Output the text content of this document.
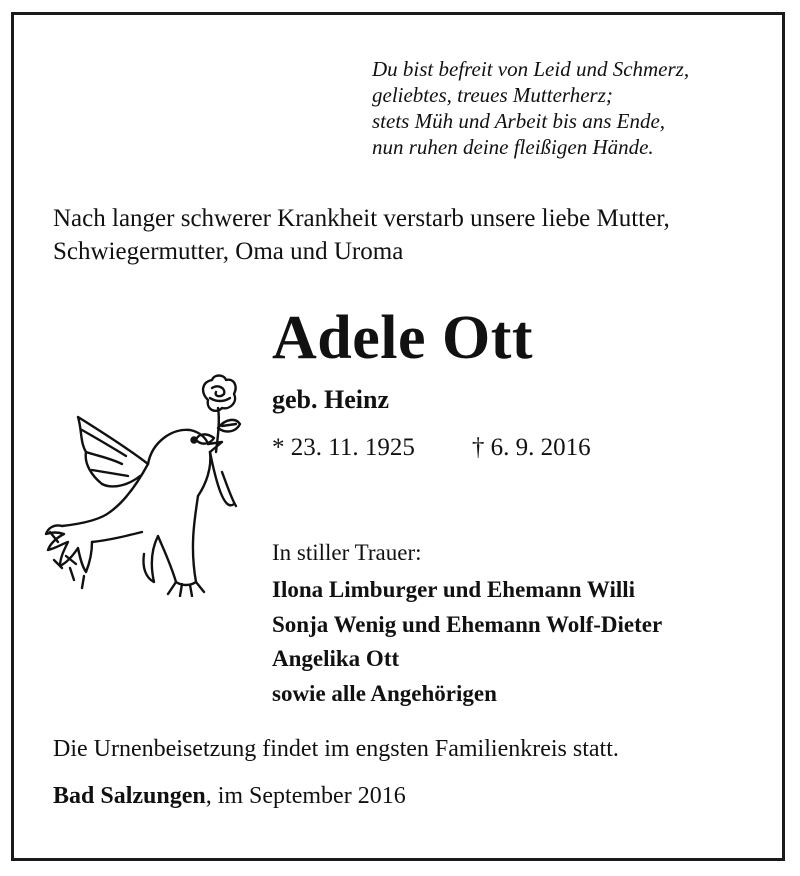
Du bist befreit von Leid und Schmerz,
geliebtes, treues Mutterherz;
stets Müh und Arbeit bis ans Ende,
nun ruhen deine fleißigen Hände.
Nach langer schwerer Krankheit verstarb unsere liebe Mutter,
Schwiegermutter, Oma und Uroma
Adele Ott
geb. Heinz
* 23. 11. 1925 † 6. 9. 2016
In stiller Trauer:
Ilona Limburger und Ehemann Willi
Sonja Wenig und Ehemann Wolf-Dieter
Angelika Ott
sowie alle Angehörigen
Die Urnenbeisetzung findet im engsten Familienkreis statt.
Bad Salzungen, im September 2016
